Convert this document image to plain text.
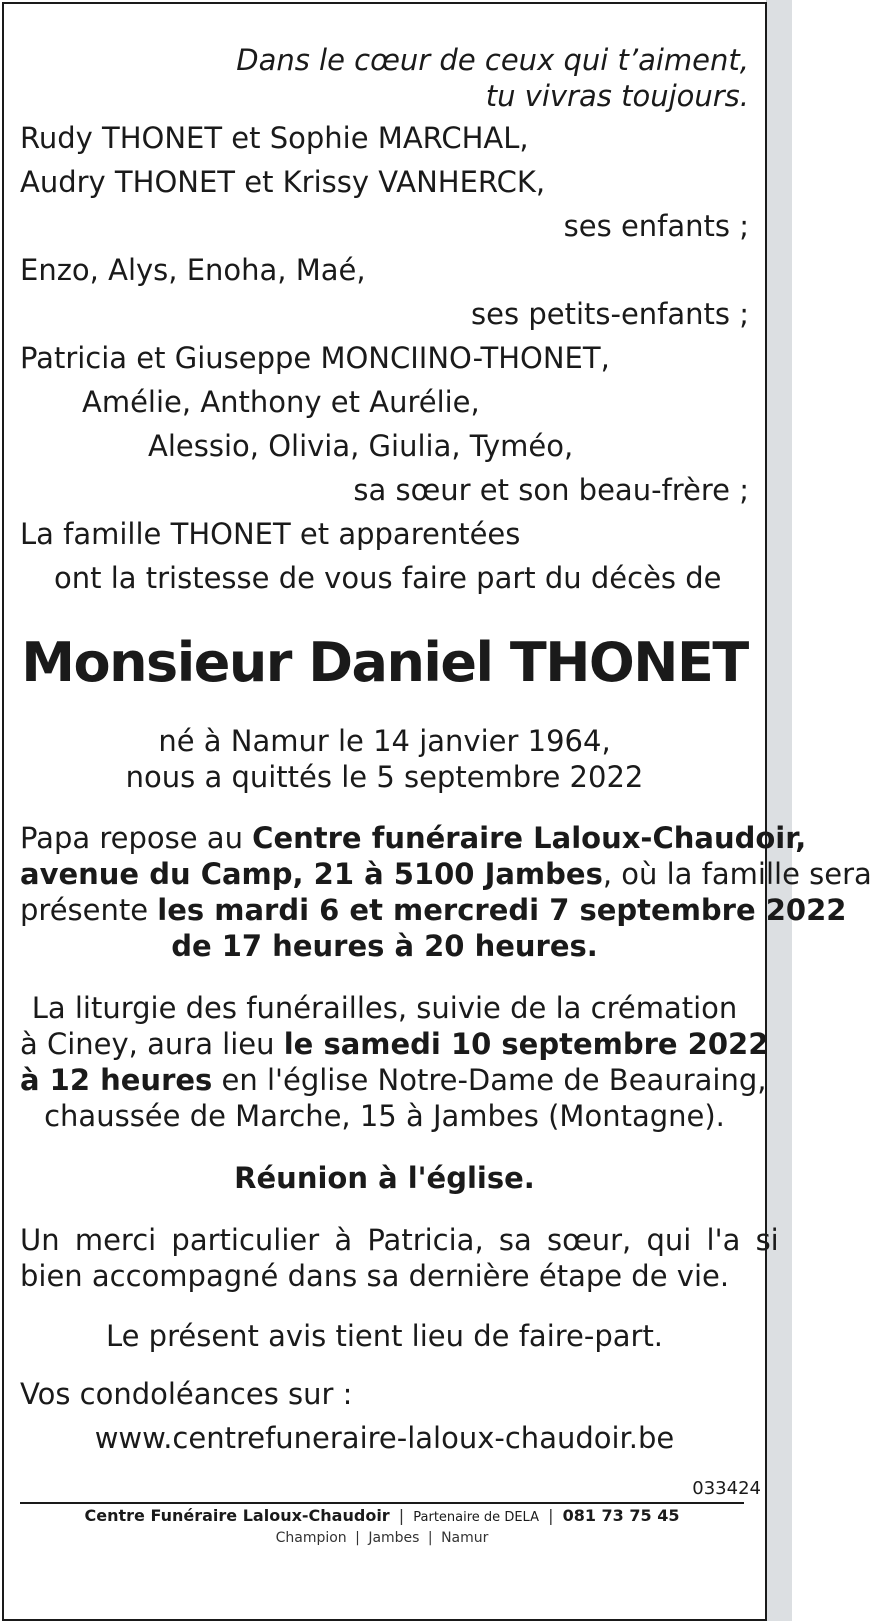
Dans le cœur de ceux qui t’aiment,
tu vivras toujours.
Rudy THONET et Sophie MARCHAL,
Audry THONET et Krissy VANHERCK,
ses enfants ;
Enzo, Alys, Enoha, Maé,
ses petits-enfants ;
Patricia et Giuseppe MONCIINO-THONET,
Amélie, Anthony et Aurélie,
Alessio, Olivia, Giulia, Tyméo,
sa sœur et son beau-frère ;
La famille THONET et apparentées
ont la tristesse de vous faire part du décès de
Monsieur Daniel THONET
né à Namur le 14 janvier 1964,
nous a quittés le 5 septembre 2022
Papa repose au Centre funéraire Laloux-Chaudoir,
avenue du Camp, 21 à 5100 Jambes, où la famille sera
présente les mardi 6 et mercredi 7 septembre 2022
de 17 heures à 20 heures.
La liturgie des funérailles, suivie de la crémation
à Ciney, aura lieu le samedi 10 septembre 2022
à 12 heures en l'église Notre-Dame de Beauraing,
chaussée de Marche, 15 à Jambes (Montagne).
Réunion à l'église.
Un merci particulier à Patricia, sa sœur, qui l'a si
bien accompagné dans sa dernière étape de vie.
Le présent avis tient lieu de faire-part.
Vos condoléances sur :
www.centrefuneraire-laloux-chaudoir.be
033424
Centre Funéraire Laloux-Chaudoir | Partenaire de DELA | 081 73 75 45
Champion | Jambes | Namur
